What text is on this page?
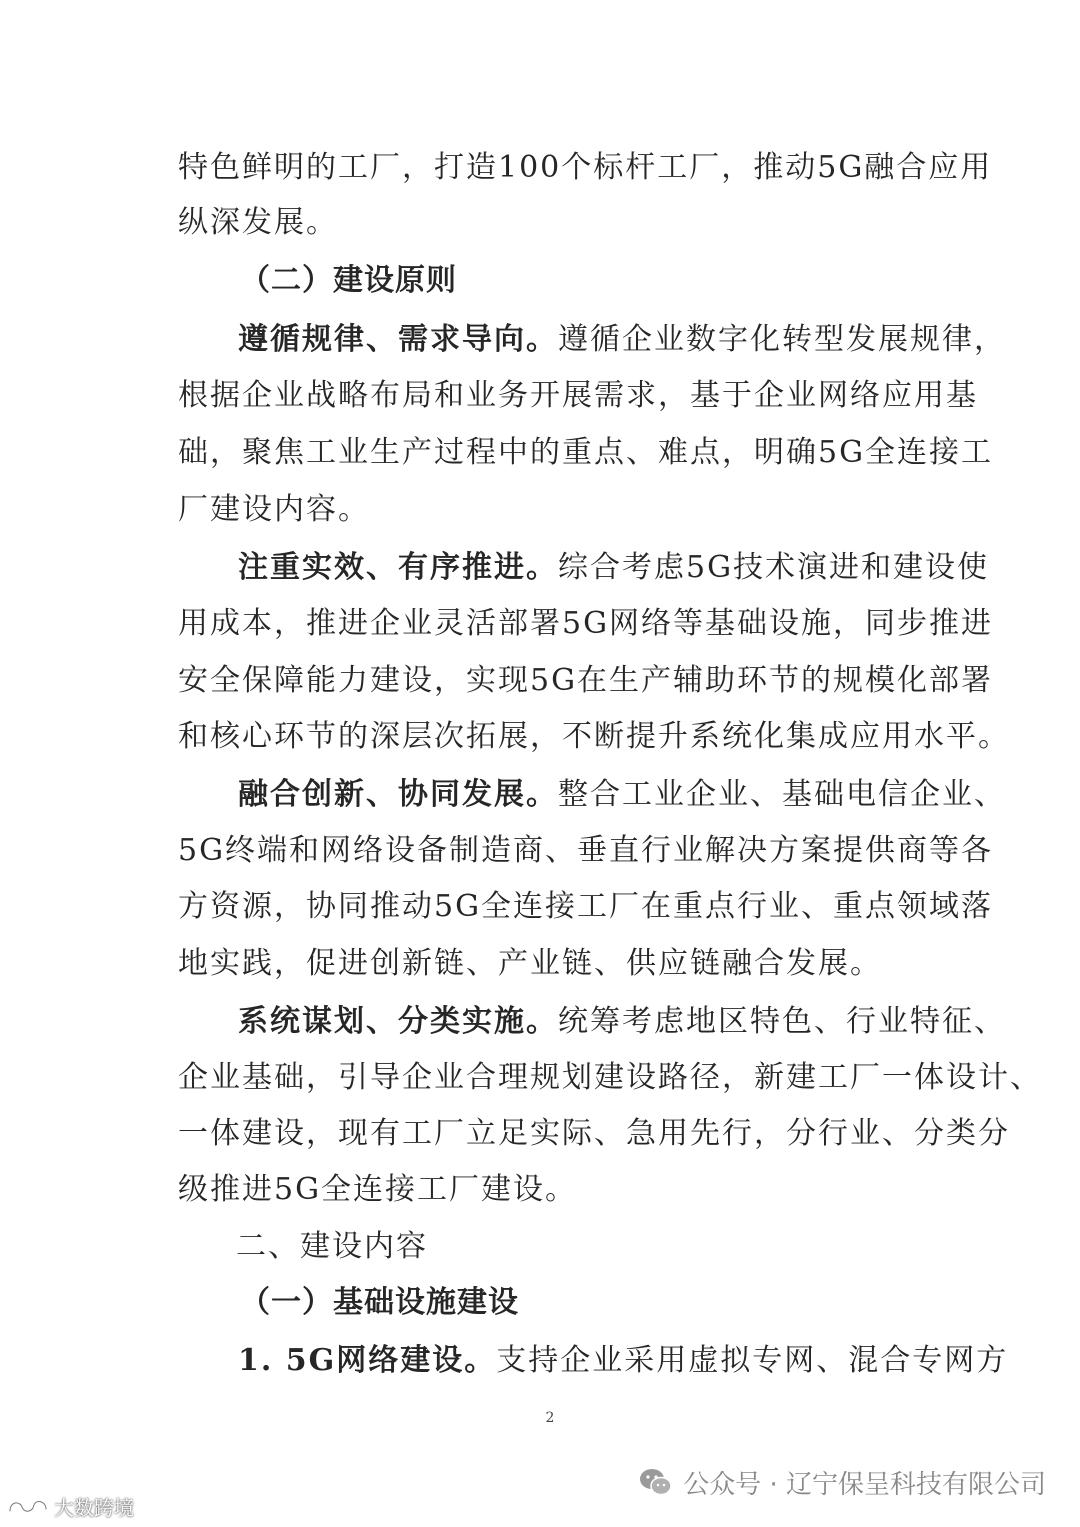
特色鲜明的工厂，打造100个标杆工厂，推动5G融合应用
纵深发展。
（二）建设原则
遵循规律、需求导向。遵循企业数字化转型发展规律，
根据企业战略布局和业务开展需求，基于企业网络应用基
础，聚焦工业生产过程中的重点、难点，明确5G全连接工
厂建设内容。
注重实效、有序推进。综合考虑5G技术演进和建设使
用成本，推进企业灵活部署5G网络等基础设施，同步推进
安全保障能力建设，实现5G在生产辅助环节的规模化部署
和核心环节的深层次拓展，不断提升系统化集成应用水平。
融合创新、协同发展。整合工业企业、基础电信企业、
5G终端和网络设备制造商、垂直行业解决方案提供商等各
方资源，协同推动5G全连接工厂在重点行业、重点领域落
地实践，促进创新链、产业链、供应链融合发展。
系统谋划、分类实施。统筹考虑地区特色、行业特征、
企业基础，引导企业合理规划建设路径，新建工厂一体设计、
一体建设，现有工厂立足实际、急用先行，分行业、分类分
级推进5G全连接工厂建设。
二、建设内容
（一）基础设施建设
1. 5G网络建设。支持企业采用虚拟专网、混合专网方
2
公众号 · 辽宁保呈科技有限公司
大数跨境
